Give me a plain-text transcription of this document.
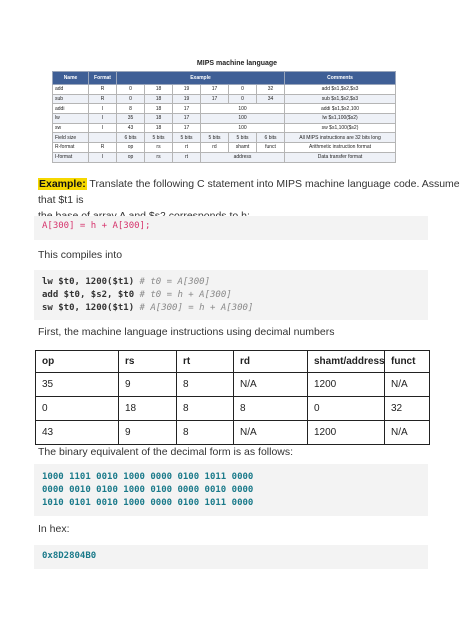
MIPS machine language
Name	Format	Example						Comments
add	R	0	18	19	17	0	32	add $s1,$s2,$s3
sub	R	0	18	19	17	0	34	sub $s1,$s2,$s3
addi	I	8	18	17	100			addi $s1,$s2,100
lw	I	35	18	17	100			lw $s1,100($s2)
sw	I	43	18	17	100			sw $s1,100($s2)
Field size		6 bits	5 bits	5 bits	5 bits	5 bits	6 bits	All MIPS instructions are 32 bits long
R-format	R	op	rs	rt	rd	shamt	funct	Arithmetic instruction format
I-format	I	op	rs	rt	address			Data transfer format
Example: Translate the following C statement into MIPS machine language code. Assume that $t1 is

A[300] = h + A[300];
This compiles into
lw $t0, 1200($t1) # t0 = A[300]
add $t0, $s2, $t0 # t0 = h + A[300]
sw $t0, 1200($t1) # A[300] = h + A[300]
First, the machine language instructions using decimal numbers
op	rs	rt	rd	shamt/address	funct
35	9	8	N/A	1200	N/A
0	18	8	8	0	32
43	9	8	N/A	1200	N/A
The binary equivalent of the decimal form is as follows:
1000 1101 0010 1000 0000 0100 1011 0000
0000 0010 0100 1000 0100 0000 0010 0000
1010 0101 0010 1000 0000 0100 1011 0000
In hex:
0x8D2804B0
